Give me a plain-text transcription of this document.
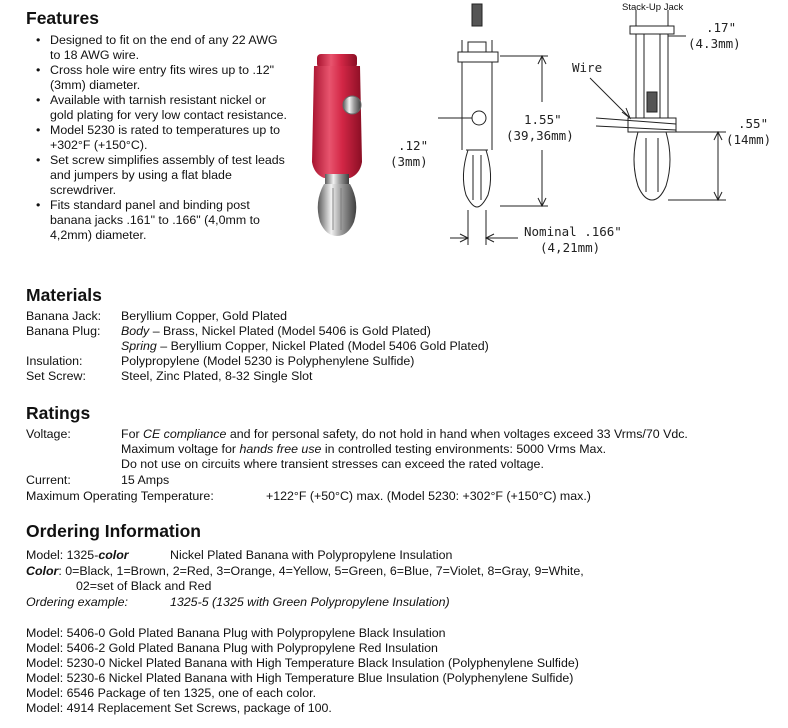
Features
• Designed to fit on the end of any 22 AWG to 18 AWG wire.
• Cross hole wire entry fits wires up to .12" (3mm) diameter.
• Available with tarnish resistant nickel or gold plating for very low contact resistance.
• Model 5230 is rated to temperatures up to +302°F (+150°C).
• Set screw simplifies assembly of test leads and jumpers by using a flat blade screwdriver.
• Fits standard panel and binding post banana jacks .161" to .166" (4,0mm to 4,2mm) diameter.
Stack-Up Jack
Wire
1.55"
(39,36mm)
.12"
(3mm)
Nominal .166"
(4,21mm)
.17"
(4.3mm)
.55"
(14mm)
Materials
Banana Jack: Beryllium Copper, Gold Plated
Banana Plug: Body – Brass, Nickel Plated (Model 5406 is Gold Plated)
Spring – Beryllium Copper, Nickel Plated (Model 5406 Gold Plated)
Insulation:	Polypropylene (Model 5230 is Polyphenylene Sulfide)
Set Screw:	Steel, Zinc Plated, 8-32 Single Slot
Ratings
Voltage:	For CE compliance and for personal safety, do not hold in hand when voltages exceed 33 Vrms/70 Vdc.
Maximum voltage for hands free use in controlled testing environments: 5000 Vrms Max.
Do not use on circuits where transient stresses can exceed the rated voltage.
Current:	15 Amps
Maximum Operating Temperature:	+122°F (+50°C) max. (Model 5230: +302°F (+150°C) max.)
Ordering Information
Model: 1325-color	Nickel Plated Banana with Polypropylene Insulation
Color: 0=Black, 1=Brown, 2=Red, 3=Orange, 4=Yellow, 5=Green, 6=Blue, 7=Violet, 8=Gray, 9=White,
02=set of Black and Red
Ordering example:	1325-5 (1325 with Green Polypropylene Insulation)
Model: 5406-0 Gold Plated Banana Plug with Polypropylene Black Insulation
Model: 5406-2 Gold Plated Banana Plug with Polypropylene Red Insulation
Model: 5230-0 Nickel Plated Banana with High Temperature Black Insulation (Polyphenylene Sulfide)
Model: 5230-6 Nickel Plated Banana with High Temperature Blue Insulation (Polyphenylene Sulfide)
Model: 6546 Package of ten 1325, one of each color.
Model: 4914 Replacement Set Screws, package of 100.
